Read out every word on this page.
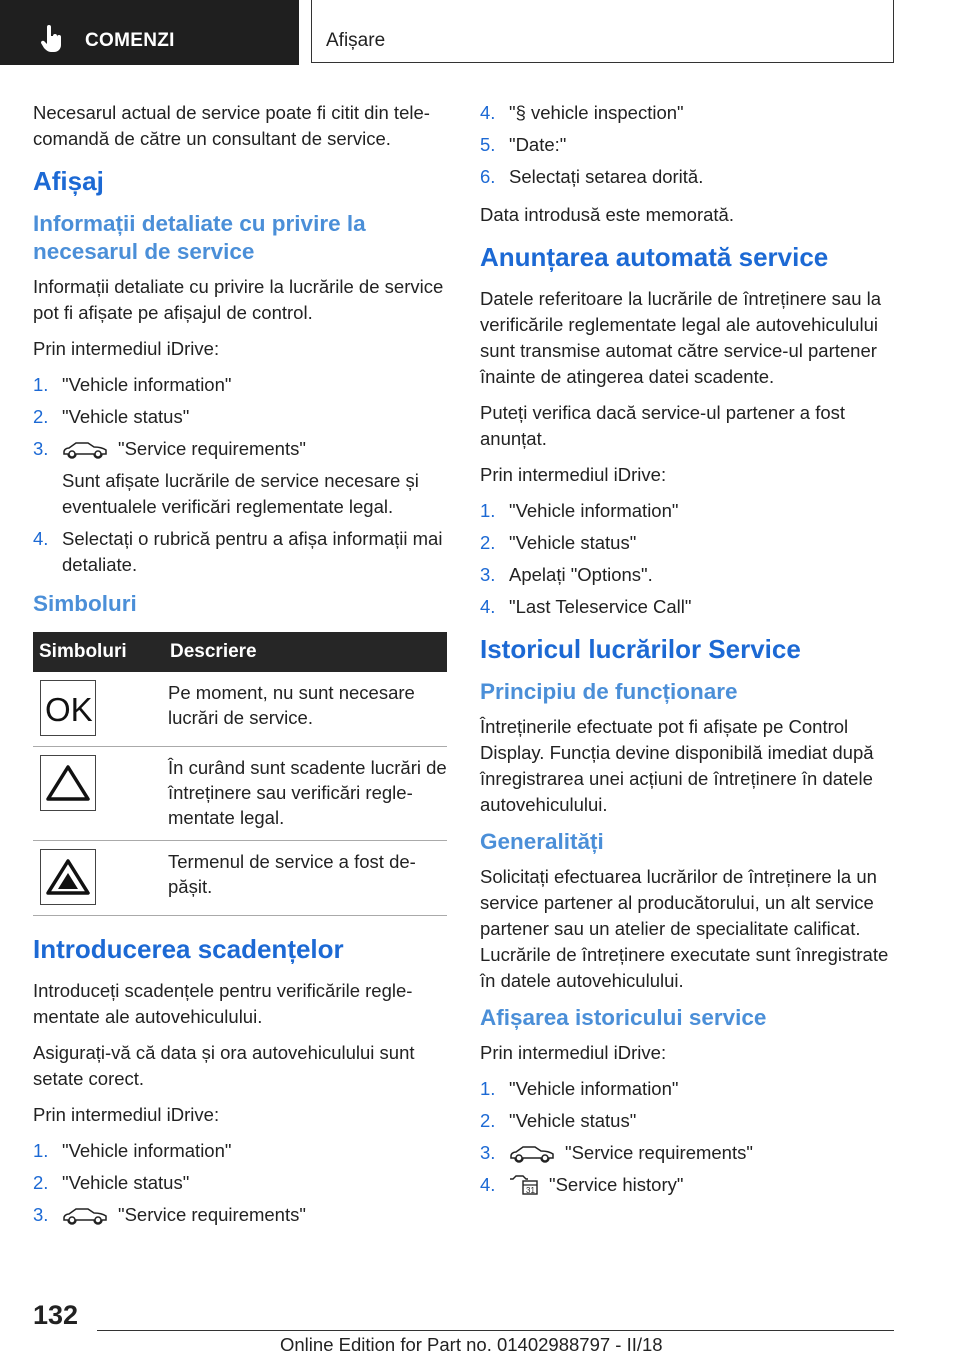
COMENZI	Afișare

Necesarul actual de service poate fi citit din telecomandă de către un consultant de service.

Afișaj
Informații detaliate cu privire la necesarul de service

Informații detaliate cu privire la lucrările de service pot fi afișate pe afișajul de control.

Prin intermediul iDrive:

1. "Vehicle information"
2. "Vehicle status"
3.	"Service requirements"
Sunt afișate lucrările de service necesare și eventualele verificări reglementate legal.
4. Selectați o rubrică pentru a afișa informații mai detaliate.
Simboluri
Simboluri	Descriere

OK	Pe moment, nu sunt necesare lucrări de service.

	În curând sunt scadente lucrări de întreținere sau verificări reglementate legal.

	Termenul de service a fost depășit.
Introducerea scadențelor

Introduceți scadențele pentru verificările reglementate ale autovehiculului.

Asigurați-vă că data și ora autovehiculului sunt setate corect.

Prin intermediul iDrive:

1. "Vehicle information"
2. "Vehicle status"
3.	"Service requirements"
4. "§ vehicle inspection"
5. "Date:"
6. Selectați setarea dorită.

Data introdusă este memorată.

Anunțarea automată service

Datele referitoare la lucrările de întreținere sau la verificările reglementate legal ale autovehiculului sunt transmise automat către service-ul partener înainte de atingerea datei scadente.

Puteți verifica dacă service-ul partener a fost anunțat.

Prin intermediul iDrive:

1. "Vehicle information"
2. "Vehicle status"
3. Apelați "Options".
4. "Last Teleservice Call"
Istoricul lucrărilor Service
Principiu de funcționare

Întreținerile efectuate pot fi afișate pe Control Display. Funcția devine disponibilă imediat după înregistrarea unei acțiuni de întreținere în datele autovehiculului.

Generalități

Solicitați efectuarea lucrărilor de întreținere la un service partener al producătorului, un alt service partener sau un atelier de specialitate calificat. Lucrările de întreținere executate sunt înregistrate în datele autovehiculului.

Afișarea istoricului service

Prin intermediul iDrive:

1. "Vehicle information"
2. "Vehicle status"
3.	"Service requirements"
4.	31 "Service history"
132
Online Edition for Part no. 01402988797 - II/18
